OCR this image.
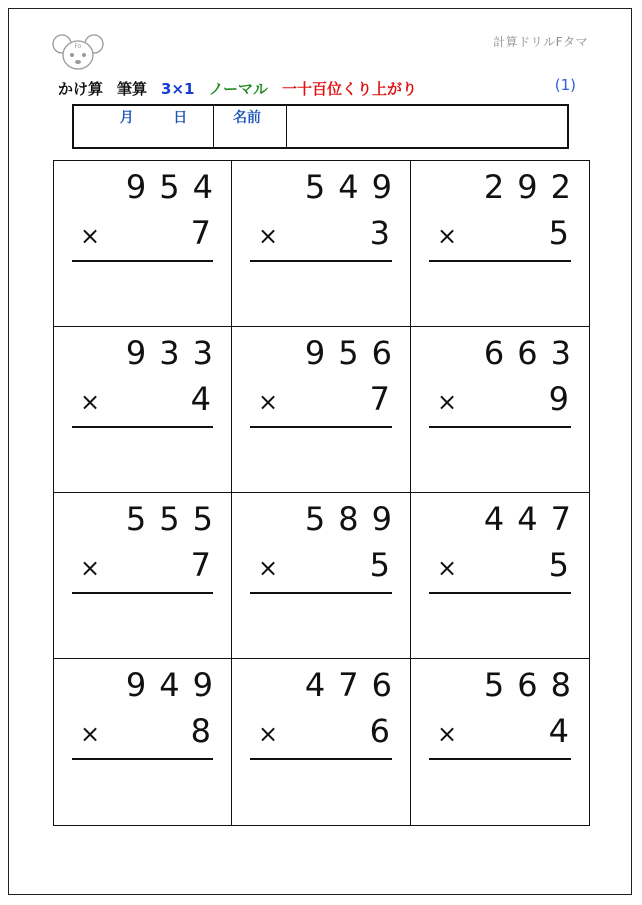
Fo	計算ドリルFタマ
かけ算 筆算 3×1 ノーマル 一十百位くり上がり	(1)
月	日	名前
954
×	7
549
×	3
292
×	5
933
×	4
956
×	7
663
×	9
555
×	7
589
×	5
447
×	5
949
×	8
476
×	6
568
×	4
